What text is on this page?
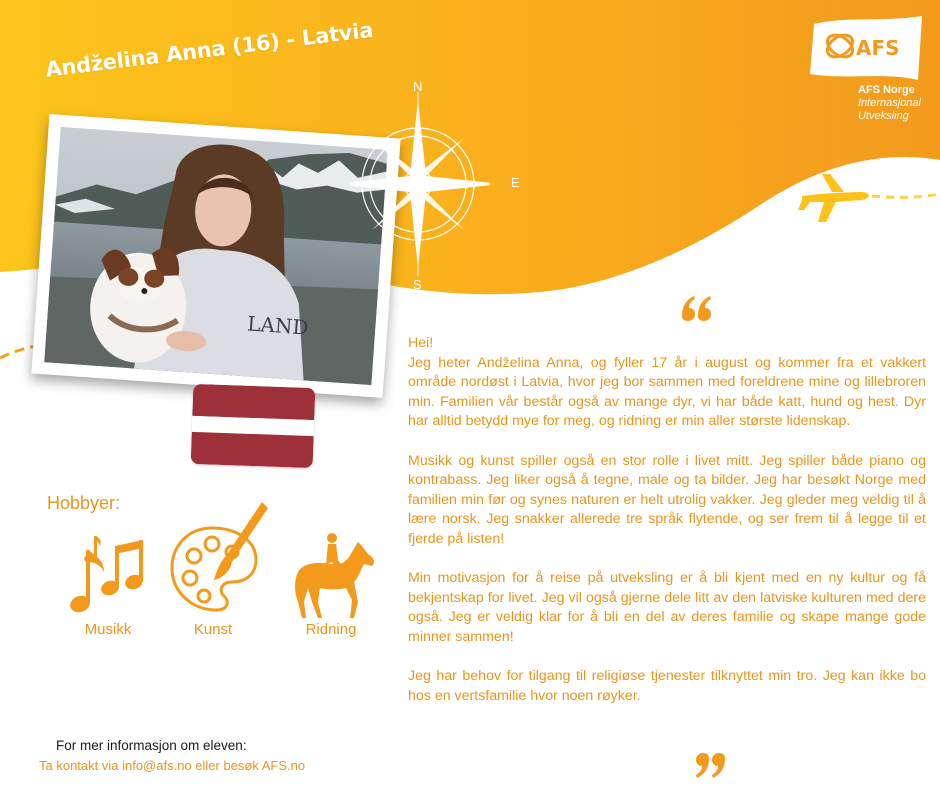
Andželina Anna (16) - Latvia
LAND
N
S
E
AFS
AFS Norge
Internasjonal
Utveksling

Hei!
Jeg heter Andželina Anna, og fyller 17 år i august og kommer fra et vakkert område nordøst i Latvia, hvor jeg bor sammen med foreldrene mine og lillebroren min. Familien vår består også av mange dyr, vi har både katt, hund og hest. Dyr har alltid betydd mye for meg, og ridning er min aller største lidenskap.

Musikk og kunst spiller også en stor rolle i livet mitt. Jeg spiller både piano og kontrabass. Jeg liker også å tegne, male og ta bilder. Jeg har besøkt Norge med familien min før og synes naturen er helt utrolig vakker. Jeg gleder meg veldig til å lære norsk. Jeg snakker allerede tre språk flytende, og ser frem til å legge til et fjerde på listen!

Min motivasjon for å reise på utveksling er å bli kjent med en ny kultur og få bekjentskap for livet. Jeg vil også gjerne dele litt av den latviske kulturen med dere også. Jeg er veldig klar for å bli en del av deres familie og skape mange gode minner sammen!

Jeg har behov for tilgang til religiøse tjenester tilknyttet min tro. Jeg kan ikke bo hos en vertsfamilie hvor noen røyker.

Hobbyer:
Musikk	Kunst	Ridning
For mer informasjon om eleven:
Ta kontakt via info@afs.no eller besøk AFS.no
